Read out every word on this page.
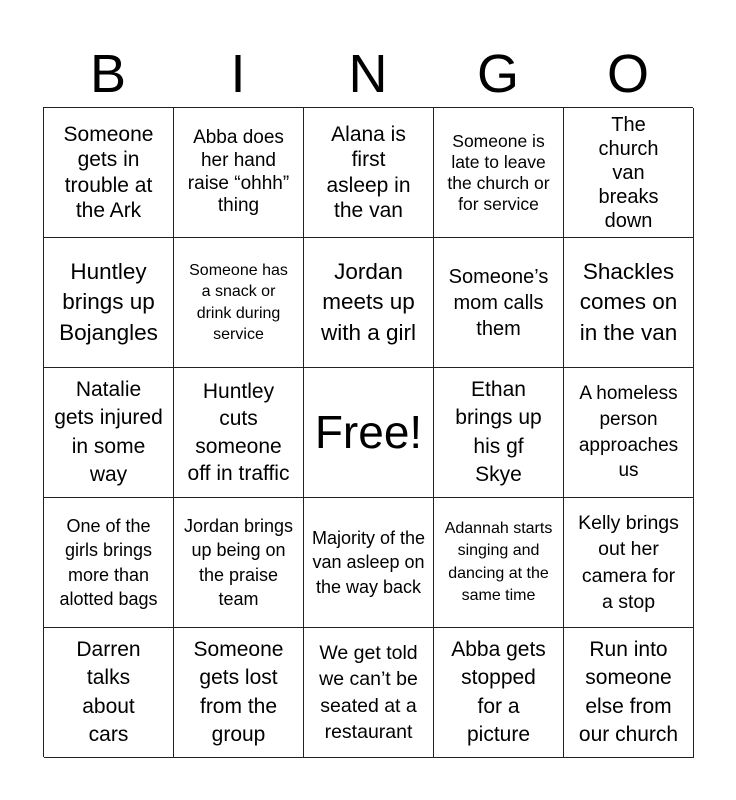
B	I	N	G	O
Someone gets in trouble at the Ark
Abba does her hand raise “ohhh” thing
Alana is first asleep in the van
Someone is late to leave the church or for service
The church van breaks down
Huntley brings up Bojangles
Someone has a snack or drink during service
Jordan meets up with a girl
Someone’s mom calls them
Shackles comes on in the van
Natalie gets injured in some way
Huntley cuts someone off in traffic
Free!
Ethan brings up his gf Skye
A homeless person approaches us
One of the girls brings more than alotted bags
Jordan brings up being on the praise team
Majority of the van asleep on the way back
Adannah starts singing and dancing at the same time
Kelly brings out her camera for a stop
Darren talks about cars
Someone gets lost from the group
We get told we can’t be seated at a restaurant
Abba gets stopped for a picture
Run into someone else from our church
